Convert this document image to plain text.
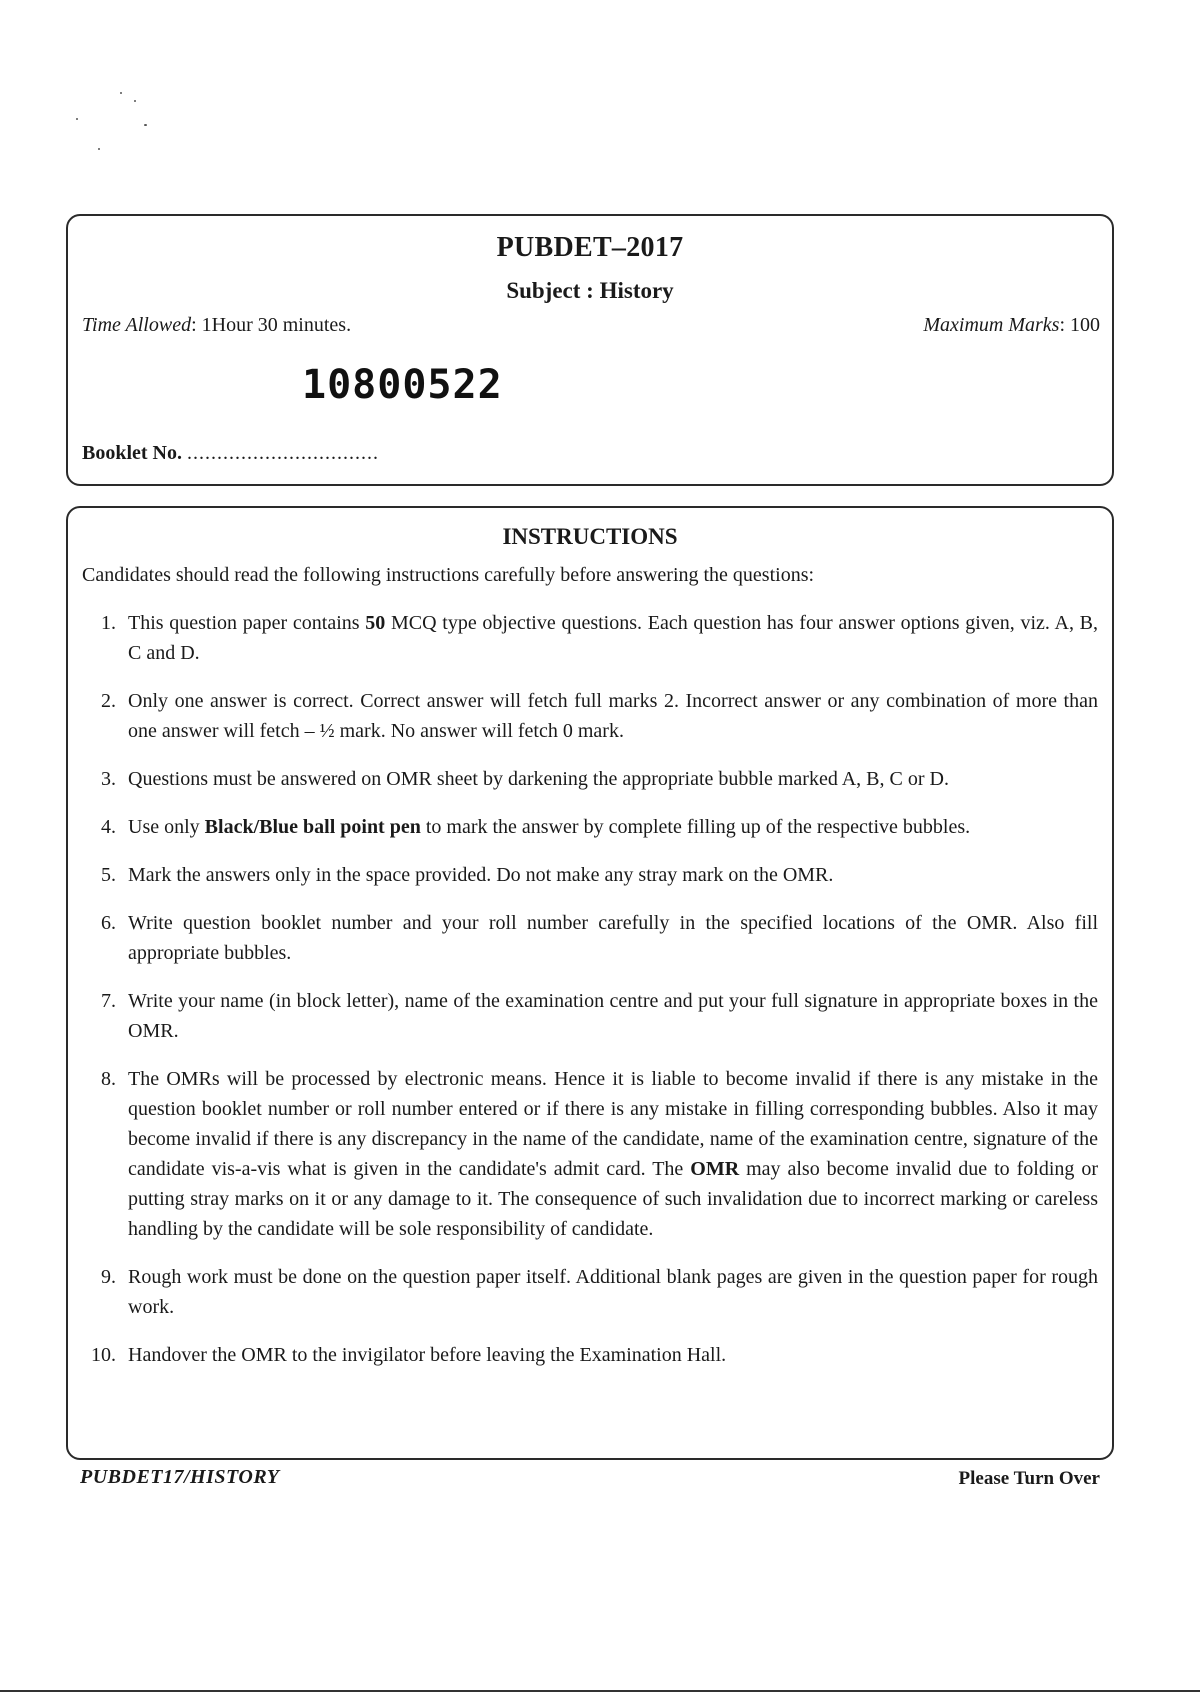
PUBDET–2017
Subject : History
Time Allowed: 1Hour 30 minutes.	Maximum Marks: 100
10800522
Booklet No. ................................
INSTRUCTIONS
Candidates should read the following instructions carefully before answering the questions:
1. This question paper contains 50 MCQ type objective questions. Each question has four answer options given, viz. A, B, C and D.
2. Only one answer is correct. Correct answer will fetch full marks 2. Incorrect answer or any combination of more than one answer will fetch – ½ mark. No answer will fetch 0 mark.
3. Questions must be answered on OMR sheet by darkening the appropriate bubble marked A, B, C or D.
4. Use only Black/Blue ball point pen to mark the answer by complete filling up of the respective bubbles.
5. Mark the answers only in the space provided. Do not make any stray mark on the OMR.
6. Write question booklet number and your roll number carefully in the specified locations of the OMR. Also fill appropriate bubbles.
7. Write your name (in block letter), name of the examination centre and put your full signature in appropriate boxes in the OMR.
8. The OMRs will be processed by electronic means. Hence it is liable to become invalid if there is any mistake in the question booklet number or roll number entered or if there is any mistake in filling corresponding bubbles. Also it may become invalid if there is any discrepancy in the name of the candidate, name of the examination centre, signature of the candidate vis-a-vis what is given in the candidate's admit card. The OMR may also become invalid due to folding or putting stray marks on it or any damage to it. The consequence of such invalidation due to incorrect marking or careless handling by the candidate will be sole responsibility of candidate.
9. Rough work must be done on the question paper itself. Additional blank pages are given in the question paper for rough work.
10. Handover the OMR to the invigilator before leaving the Examination Hall.
PUBDET17/HISTORY	Please Turn Over
